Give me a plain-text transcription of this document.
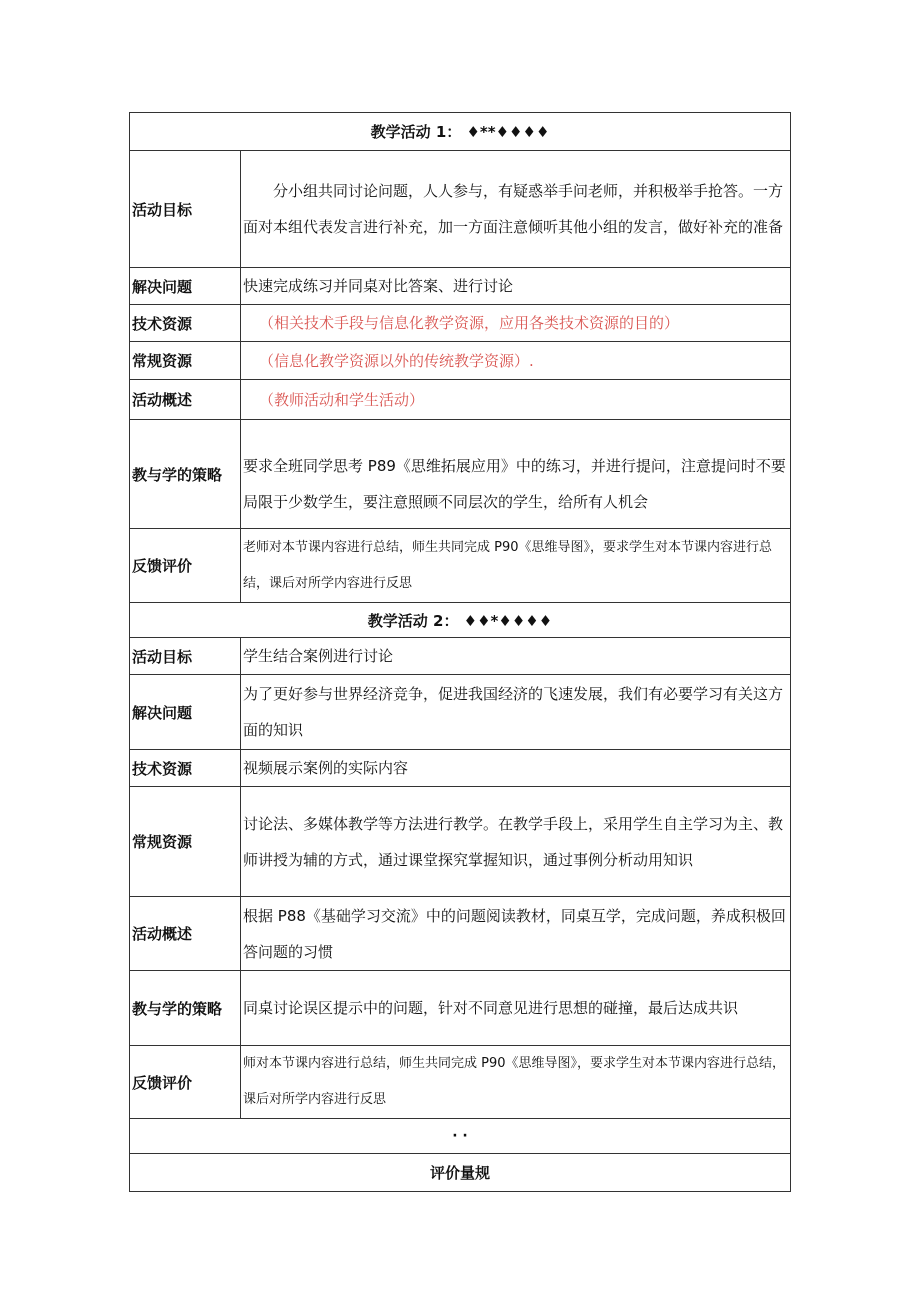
教学活动 1： ♦**♦♦♦♦	
活动目标	分小组共同讨论问题，人人参与，有疑惑举手问老师，并积极举手抢答。一方面对本组代表发言进行补充，加一方面注意倾听其他小组的发言，做好补充的准备
解决问题	快速完成练习并同桌对比答案、进行讨论
技术资源	（相关技术手段与信息化教学资源，应用各类技术资源的目的）
常规资源	（信息化教学资源以外的传统教学资源）.
活动概述	（教师活动和学生活动）
教与学的策略	要求全班同学思考 P89《思维拓展应用》中的练习，并进行提问，注意提问时不要局限于少数学生，要注意照顾不同层次的学生，给所有人机会
反馈评价	老师对本节课内容进行总结，师生共同完成 P90《思维导图》，要求学生对本节课内容进行总结，课后对所学内容进行反思
教学活动 2： ♦♦*♦♦♦♦	
活动目标	学生结合案例进行讨论
解决问题	为了更好参与世界经济竞争，促进我国经济的飞速发展，我们有必要学习有关这方面的知识
技术资源	视频展示案例的实际内容
常规资源	讨论法、多媒体教学等方法进行教学。在教学手段上，采用学生自主学习为主、教师讲授为辅的方式，通过课堂探究掌握知识，通过事例分析动用知识
活动概述	根据 P88《基础学习交流》中的问题阅读教材，同桌互学，完成问题，养成积极回答问题的习惯
教与学的策略	同桌讨论误区提示中的问题，针对不同意见进行思想的碰撞，最后达成共识
反馈评价	师对本节课内容进行总结，师生共同完成 P90《思维导图》，要求学生对本节课内容进行总结，课后对所学内容进行反思
· ·	
评价量规	
